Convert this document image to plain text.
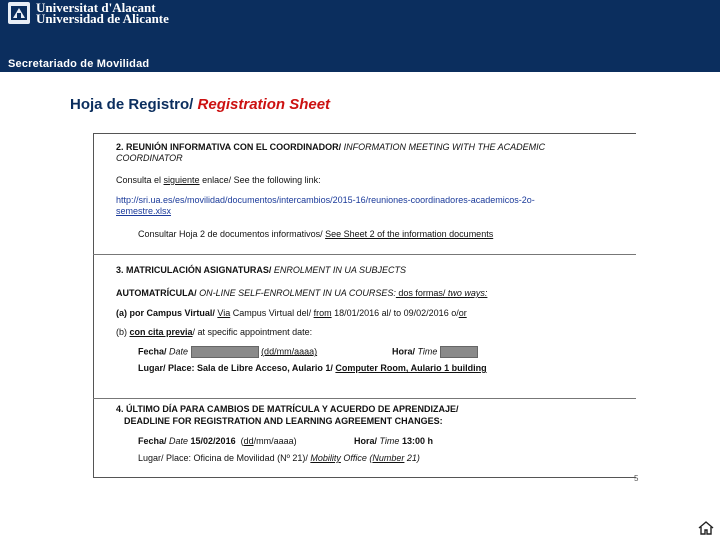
Universitat d'Alacant
Universidad de Alicante
Secretariado de Movilidad
Hoja de Registro/ Registration Sheet
2. REUNIÓN INFORMATIVA CON EL COORDINADOR/ INFORMATION MEETING WITH THE ACADEMIC
COORDINATOR
Consulta el siguiente enlace/ See the following link:
http://sri.ua.es/es/movilidad/documentos/intercambios/2015-16/reuniones-coordinadores-academicos-2o-
semestre.xlsx
Consultar Hoja 2 de documentos informativos/ See Sheet 2 of the information documents
3. MATRICULACIÓN ASIGNATURAS/ ENROLMENT IN UA SUBJECTS
AUTOMATRÍCULA/ ON-LINE SELF-ENROLMENT IN UA COURSES: dos formas/ two ways:
(a) por Campus Virtual/ Via Campus Virtual del/ from 18/01/2016 al/ to 09/02/2016 o/or
(b) con cita previa/ at specific appointment date:
Fecha/ Date	(dd/mm/aaaa)	Hora/ Time
Lugar/ Place: Sala de Libre Acceso, Aulario 1/ Computer Room, Aulario 1 building
4. ÚLTIMO DÍA PARA CAMBIOS DE MATRÍCULA Y ACUERDO DE APRENDIZAJE/
DEADLINE FOR REGISTRATION AND LEARNING AGREEMENT CHANGES:
Fecha/ Date 15/02/2016  (dd/mm/aaaa)	Hora/ Time 13:00 h
Lugar/ Place: Oficina de Movilidad (Nº 21)/ Mobility Office (Number 21)
5
